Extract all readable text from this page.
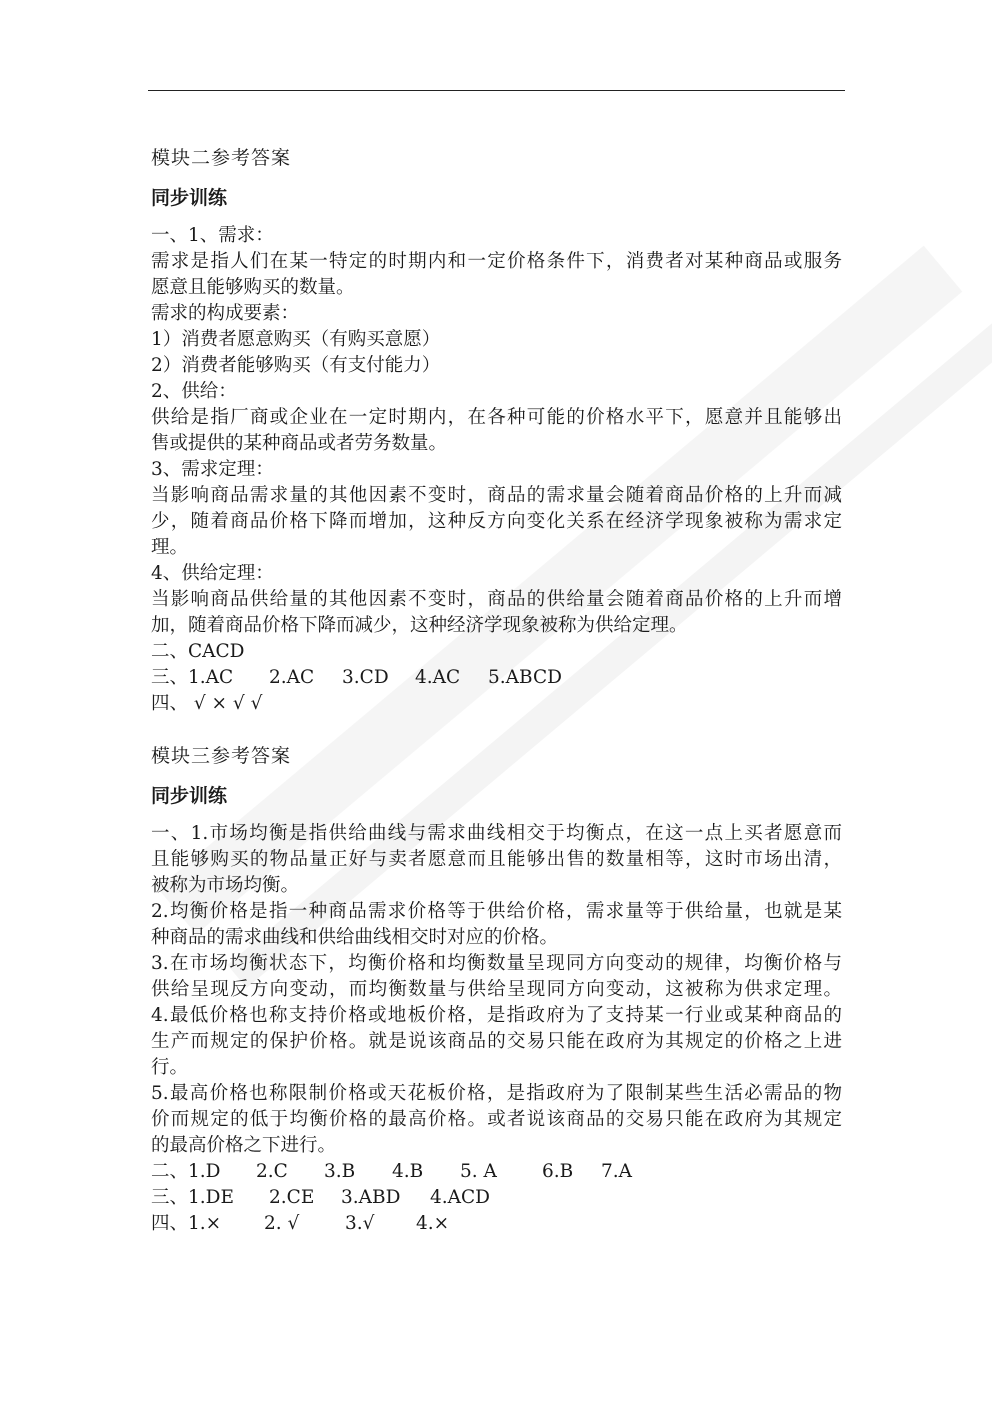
模块二参考答案
同步训练
一、1、需求：
需求是指人们在某一特定的时期内和一定价格条件下，消费者对某种商品或服务
愿意且能够购买的数量。
需求的构成要素：
1）消费者愿意购买（有购买意愿）
2）消费者能够购买（有支付能力）
2、供给：
供给是指厂商或企业在一定时期内，在各种可能的价格水平下，愿意并且能够出
售或提供的某种商品或者劳务数量。
3、需求定理：
当影响商品需求量的其他因素不变时，商品的需求量会随着商品价格的上升而减
少，随着商品价格下降而增加，这种反方向变化关系在经济学现象被称为需求定
理。
4、供给定理：
当影响商品供给量的其他因素不变时，商品的供给量会随着商品价格的上升而增
加，随着商品价格下降而减少，这种经济学现象被称为供给定理。
二、CACD
三、1.AC 2.AC 3.CD 4.AC 5.ABCD
四、 √ × √ √
模块三参考答案
同步训练
一、1.市场均衡是指供给曲线与需求曲线相交于均衡点，在这一点上买者愿意而
且能够购买的物品量正好与卖者愿意而且能够出售的数量相等，这时市场出清，
被称为市场均衡。
2.均衡价格是指一种商品需求价格等于供给价格，需求量等于供给量，也就是某
种商品的需求曲线和供给曲线相交时对应的价格。
3.在市场均衡状态下，均衡价格和均衡数量呈现同方向变动的规律，均衡价格与
供给呈现反方向变动，而均衡数量与供给呈现同方向变动，这被称为供求定理。
4.最低价格也称支持价格或地板价格，是指政府为了支持某一行业或某种商品的
生产而规定的保护价格。就是说该商品的交易只能在政府为其规定的价格之上进
行。
5.最高价格也称限制价格或天花板价格，是指政府为了限制某些生活必需品的物
价而规定的低于均衡价格的最高价格。或者说该商品的交易只能在政府为其规定
的最高价格之下进行。
二、1.D 2.C 3.B 4.B 5. A 6.B 7.A
三、1.DE 2.CE 3.ABD 4.ACD
四、1.× 2. √ 3.√ 4.×
